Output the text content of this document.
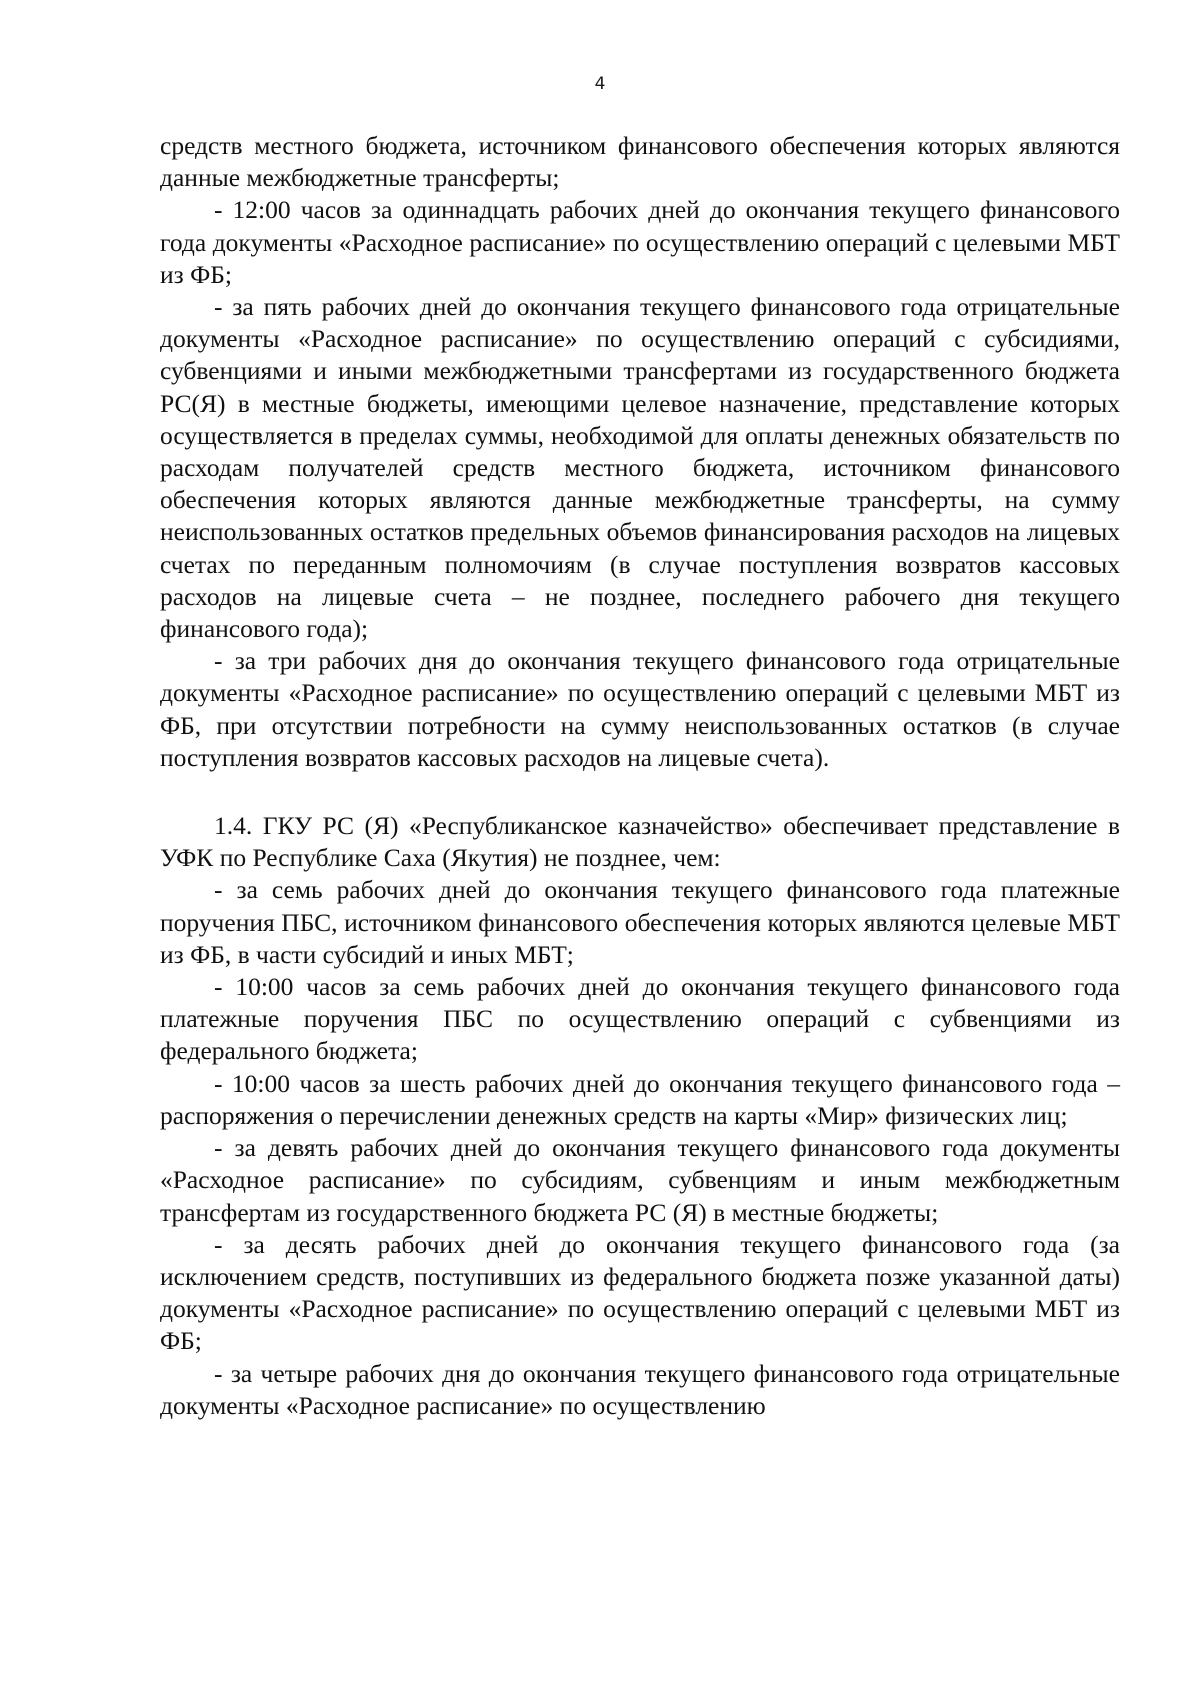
4

средств местного бюджета, источником финансового обеспечения которых являются данные межбюджетные трансферты;

- 12:00 часов за одиннадцать рабочих дней до окончания текущего финансового года документы «Расходное расписание» по осуществлению операций с целевыми МБТ из ФБ;

- за пять рабочих дней до окончания текущего финансового года отрицательные документы «Расходное расписание» по осуществлению операций с субсидиями, субвенциями и иными межбюджетными трансфертами из государственного бюджета РС(Я) в местные бюджеты, имеющими целевое назначение, представление которых осуществляется в пределах суммы, необходимой для оплаты денежных обязательств по расходам получателей средств местного бюджета, источником финансового обеспечения которых являются данные межбюджетные трансферты, на сумму неиспользованных остатков предельных объемов финансирования расходов на лицевых счетах по переданным полномочиям (в случае поступления возвратов кассовых расходов на лицевые счета – не позднее, последнего рабочего дня текущего финансового года);

- за три рабочих дня до окончания текущего финансового года отрицательные документы «Расходное расписание» по осуществлению операций с целевыми МБТ из ФБ, при отсутствии потребности на сумму неиспользованных остатков (в случае поступления возвратов кассовых расходов на лицевые счета).

1.4. ГКУ РС (Я) «Республиканское казначейство» обеспечивает представление в УФК по Республике Саха (Якутия) не позднее, чем:

- за семь рабочих дней до окончания текущего финансового года платежные поручения ПБС, источником финансового обеспечения которых являются целевые МБТ из ФБ, в части субсидий и иных МБТ;

- 10:00 часов за семь рабочих дней до окончания текущего финансового года платежные поручения ПБС по осуществлению операций с субвенциями из федерального бюджета;

- 10:00 часов за шесть рабочих дней до окончания текущего финансового года – распоряжения о перечислении денежных средств на карты «Мир» физических лиц;

- за девять рабочих дней до окончания текущего финансового года документы «Расходное расписание» по субсидиям, субвенциям и иным межбюджетным трансфертам из государственного бюджета РС (Я) в местные бюджеты;

- за десять рабочих дней до окончания текущего финансового года (за исключением средств, поступивших из федерального бюджета позже указанной даты) документы «Расходное расписание» по осуществлению операций с целевыми МБТ из ФБ;

- за четыре рабочих дня до окончания текущего финансового года отрицательные документы «Расходное расписание» по осуществлению
